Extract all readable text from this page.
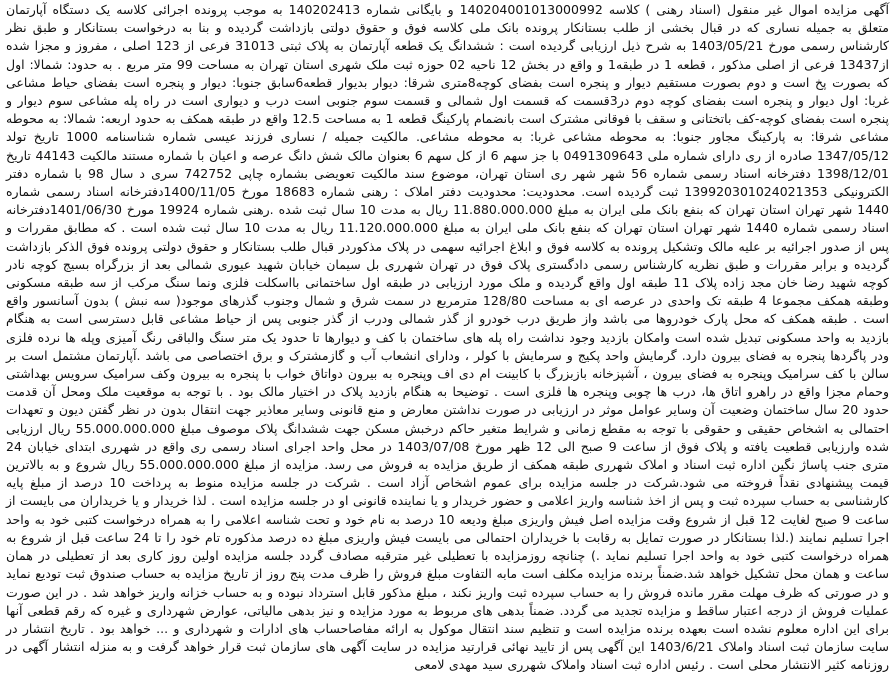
آگهی مزایده اموال غیر منقول (اسناد رهنی ) کلاسه 140204001013000992 و بایگانی شماره 140202413 به موجب پرونده اجرائی کلاسه یک دستگاه آپارتمان متعلق به جمیله نساری که در قبال بخشی از طلب بستانکار پرونده بانک ملی کلاسه فوق و حقوق دولتی بازداشت گردیده و بنا به درخواست بستانکار و طبق نظر کارشناس رسمی مورخ 1403/05/21 به شرح ذیل ارزیابی گردیده است : ششدانگ یک قطعه آپارتمان به پلاک ثبتی 31013 فرعی از 123 اصلی ، مفروز و مجزا شده از13437 فرعی از اصلی مذکور ، قطعه 1 در طبقه1 و واقع در بخش 12 ناحیه 02 حوزه ثبت ملک شهری استان تهران به مساحت 99 متر مربع . به حدود: شمالا: اول که بصورت پخ است و دوم بصورت مستقیم دیوار و پنجره است بفضای کوچه8متری شرقا: دیوار بدیوار قطعه6سابق جنوبا: دیوار و پنجره است بفضای حیاط مشاعی غربا: اول دیوار و پنجره است بفضای کوچه دوم در3قسمت که قسمت اول شمالی و قسمت سوم جنوبی است درب و دیواری است در راه پله مشاعی سوم دیوار و پنجره است بفضای کوچه-کف باتختانی و سقف با فوقانی مشترک است بانضمام پارکینگ قطعه 1 به مساحت 12.5 واقع در طبقه همکف به حدود اربعه: شمالا: به محوطه مشاعی شرقا: به پارکینگ مجاور جنوبا: به محوطه مشاعی غربا: به محوطه مشاعی. مالکیت جمیله / نساری فرزند عیسی شماره شناسنامه 1000 تاریخ تولد 1347/05/12 صادره از ری دارای شماره ملی 0491309643 با جز سهم 6 از کل سهم 6 بعنوان مالک شش دانگ عرصه و اعیان با شماره مستند مالکیت 44143 تاریخ 1398/12/01 دفترخانه اسناد رسمی شماره 56 شهر شهر ری استان تهران، موضوع سند مالکیت تعویضی بشماره چاپی 742752 سری د سال 98 با شماره دفتر الکترونیکی 139920301024021353 ثبت گردیده است. محدودیت: محدودیت دفتر املاک : رهنی شماره 18683 مورخ 1400/11/05دفترخانه اسناد رسمی شماره 1440 شهر تهران استان تهران که بنفع بانک ملی ایران به مبلغ 11.880.000.000 ریال به مدت 10 سال ثبت شده .رهنی شماره 19924 مورخ 1401/06/30دفترخانه اسناد رسمی شماره 1440 شهر تهران استان تهران که بنفع بانک ملی ایران به مبلغ 11.120.000.000 ریال به مدت 10 سال ثبت شده است . که مطابق مقررات و پس از صدور اجرائیه بر علیه مالک وتشکیل پرونده به کلاسه فوق و ابلاغ اجرائیه سهمی در پلاک مذکوردر قبال طلب بستانکار و حقوق دولتی پرونده فوق الذکر بازداشت گردیده و برابر مقررات و طبق نظریه کارشناس رسمی دادگستری پلاک فوق در تهران شهرری بل سیمان خیابان شهید عیوری شمالی بعد از بزرگراه بسیج کوچه نادر کوچه شهید رضا خان مجد زاده پلاک 11 طبقه اول واقع گردیده و ملک مورد ارزیابی در طبقه اول ساختمانی بااسکلت فلزی ونما سنگ مرکب از سه طبقه مسکونی وطبقه همکف مجموعا 4 طبقه تک واحدی در عرصه ای به مساحت 128/80 مترمربع در سمت شرق و شمال وجنوب گذرهای موجود( سه نبش ) بدون آسانسور واقع است . طبقه همکف که محل پارک خودروها می باشد واز طریق درب خودرو از گذر شمالی ودرب از گذر جنوبی پس از حیاط مشاعی قابل دسترسی است به هنگام بازدید به واحد مسکونی تبدیل شده است وامکان بازدید وجود نداشت راه پله های ساختمان با کف و دیوارها تا حدود یک متر سنگ والباقی رنگ آمیزی وپله ها نرده فلزی ودر پاگردها پنجره به فضای بیرون دارد. گرمایش واحد پکیج و سرمایش با کولر ، ودارای انشعاب آب و گازمشترک و برق اختصاصی می باشد .آپارتمان مشتمل است بر سالن با کف سرامیک وپنجره به فضای بیرون ، آشپزخانه بازبزرگ با کابینت ام دی اف وپنجره به بیرون دواتاق خواب با پنجره به بیرون وکف سرامیک سرویس بهداشتی وحمام مجزا واقع در راهرو اتاق ها، درب ها چوبی وپنجره ها فلزی است . توضیحا به هنگام بازدید پلاک در اختیار مالک بود . با توجه به موقعیت ملک ومحل آن قدمت حدود 20 سال ساختمان وضعیت آن وسایر عوامل موثر در ارزیابی در صورت نداشتن معارض و منع قانونی وسایر معاذیر جهت انتقال بدون در نظر گفتن دیون و تعهدات احتمالی به اشخاص حقیقی و حقوقی با توجه به مقطع زمانی و شرایط متغیر حاکم درخبش مسکن جهت ششدانگ پلاک موصوف مبلغ 55.000.000.000 ریال ارزیابی شده وارزیابی قطعیت یافته و پلاک فوق از ساعت 9 صبح الی 12 ظهر مورخ 1403/07/08 در محل واحد اجرای اسناد رسمی ری واقع در شهرری ابتدای خیابان 24 متری جنب پاساژ نگین اداره ثبت اسناد و املاک شهرری طبقه همکف از طریق مزایده به فروش می رسد. مزایده از مبلغ 55.000.000.000 ریال شروع و به بالاترین قیمت پیشنهادی نقداً فروخته می شود.شرکت در جلسه مزایده برای عموم اشخاص آزاد است . شرکت در جلسه مزایده منوط به پرداخت 10 درصد از مبلغ پایه کارشناسی به حساب سپرده ثبت و پس از اخذ شناسه واریز اعلامی و حضور خریدار و یا نماینده قانونی او در جلسه مزایده است . لذا خریدار و یا خریداران می بایست از ساعت 9 صبح لغایت 12 قبل از شروع وقت مزایده اصل فیش واریزی مبلغ ودیعه 10 درصد به نام خود و تحت شناسه اعلامی را به همراه درخواست کتبی خود به واحد اجرا تسلیم نمایند (.لذا بستانکار در صورت تمایل به رقابت با خریداران احتمالی می بایست فیش واریزی مبلغ ده درصد مذکوره تام خود را تا 24 ساعت قبل از شروع به همراه درخواست کتبی خود به واحد اجرا تسلیم نماید .) چنانچه روزمزایده با تعطیلی غیر مترقبه مصادف گردد جلسه مزایده اولین روز کاری بعد از تعطیلی در همان ساعت و همان محل تشکیل خواهد شد.ضمناً برنده مزایده مکلف است مابه التفاوت مبلغ فروش را ظرف مدت پنج روز از تاریخ مزایده به حساب صندوق ثبت تودیع نماید و در صورتی که ظرف مهلت مقرر مانده فروش را به حساب سپرده ثبت واریز نکند ، مبلغ مذکور قابل استرداد نبوده و به حساب خزانه واریز خواهد شد . در این صورت عملیات فروش از درجه اعتبار ساقط و مزایده تجدید می گردد. ضمناً بدهی های مربوط به مورد مزایده و نیز بدهی مالیاتی، عوارض شهرداری و غیره که رقم قطعی آنها برای این اداره معلوم نشده است بعهده برنده مزایده است و تنظیم سند انتقال موکول به ارائه مفاصاحساب های ادارات و شهرداری و ... خواهد بود . تاریخ انتشار در سایت سازمان ثبت اسناد واملاک 1403/6/21 این آگهی پس از تایید نهائی قرارتید مزایده در سایت آگهی های سازمان ثبت قرار خواهد گرفت و به منزله انتشار آگهی در روزنامه کثیر الانتشار محلی است . رئیس اداره ثبت اسناد واملاک شهرری سید مهدی لامعی
